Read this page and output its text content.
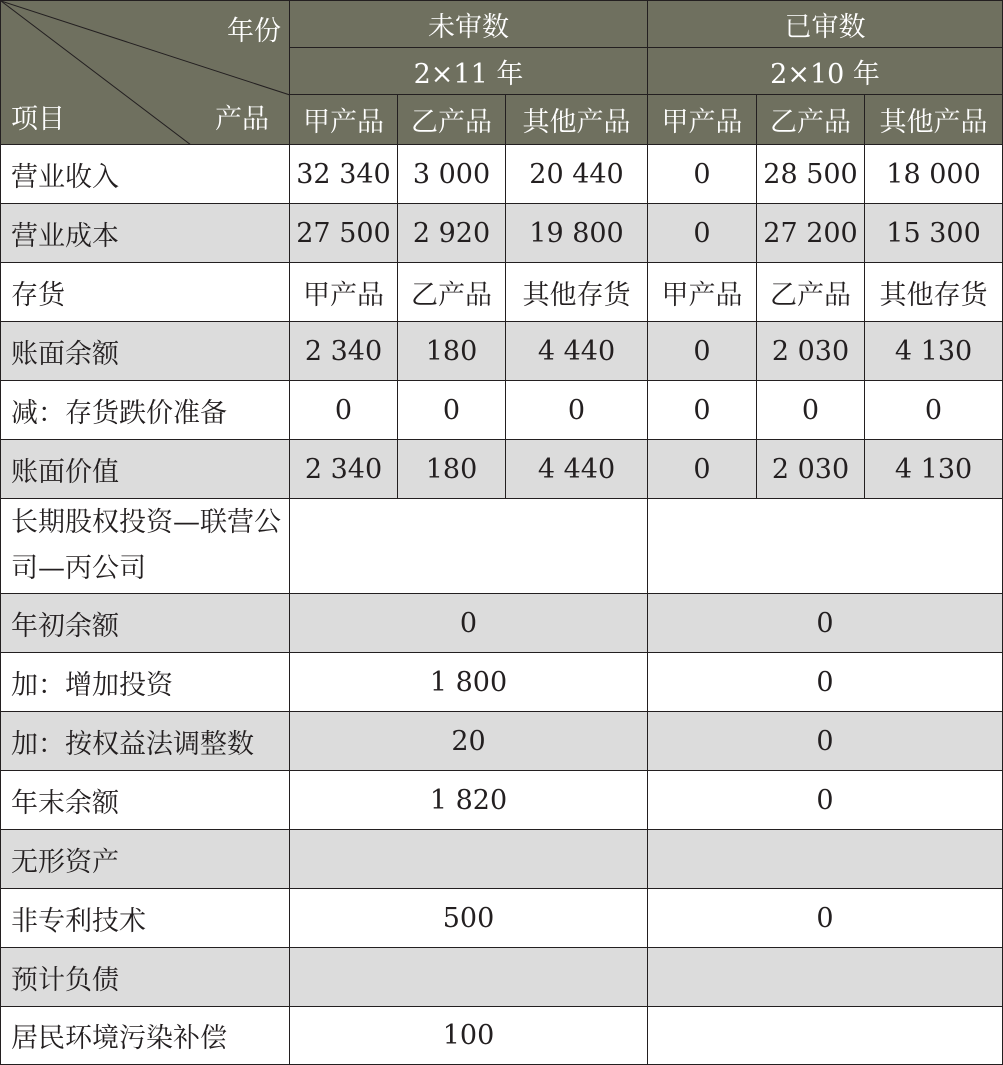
年份
产品
项目	未审数			已审数		
	2×11 年			2×10 年		
	甲产品	乙产品	其他产品	甲产品	乙产品	其他产品
营业收入	32 340	3 000	20 440	0	28 500	18 000
营业成本	27 500	2 920	19 800	0	27 200	15 300
存货	甲产品	乙产品	其他存货	甲产品	乙产品	其他存货
账面余额	2 340	180	4 440	0	2 030	4 130
减：存货跌价准备	0	0	0	0	0	0
账面价值	2 340	180	4 440	0	2 030	4 130
长期股权投资—联营公司—丙公司						
年初余额	0			0		
加：增加投资	1 800			0		
加：按权益法调整数	20			0		
年末余额	1 820			0		
无形资产						
非专利技术	500			0		
预计负债						
居民环境污染补偿	100					
